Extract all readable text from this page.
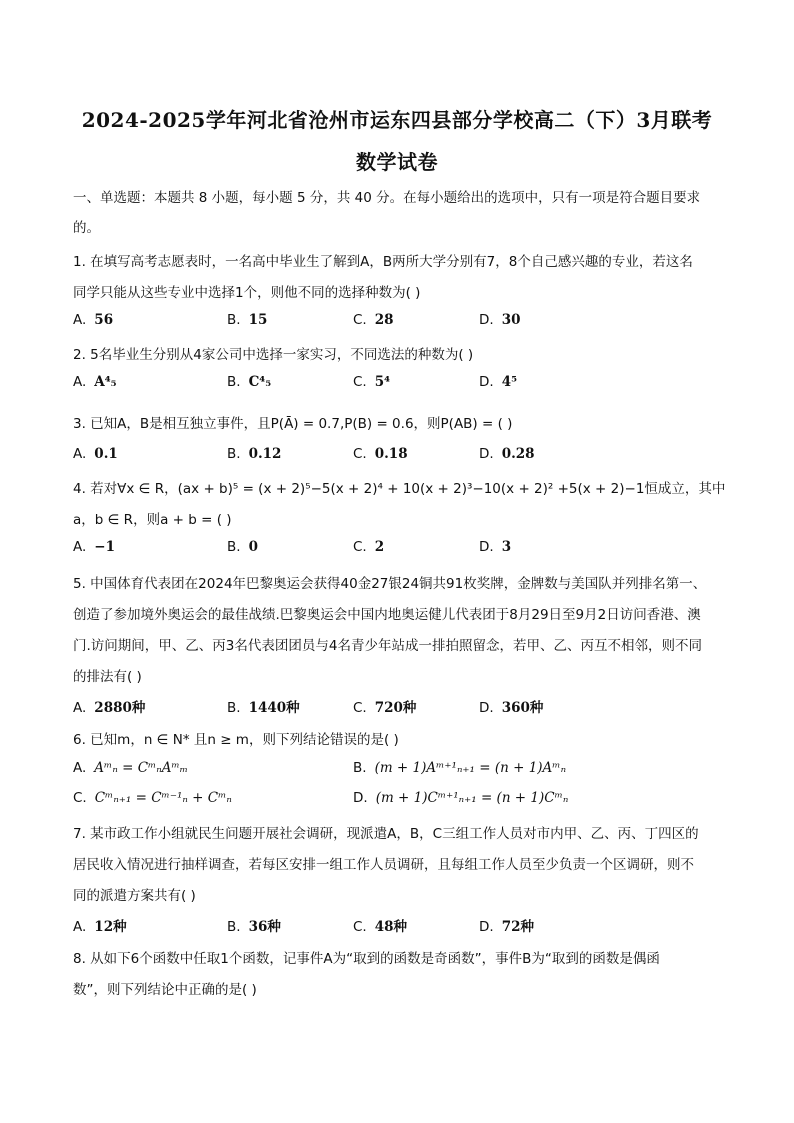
2024-2025学年河北省沧州市运东四县部分学校高二（下）3月联考
数学试卷
一、单选题：本题共 8 小题，每小题 5 分，共 40 分。在每小题给出的选项中，只有一项是符合题目要求
的。
1. 在填写高考志愿表时，一名高中毕业生了解到A，B两所大学分别有7，8个自己感兴趣的专业，若这名
同学只能从这些专业中选择1个，则他不同的选择种数为( )
A. 56	B. 15	C. 28	D. 30
2. 5名毕业生分别从4家公司中选择一家实习，不同选法的种数为( )
A. A⁴₅	B. C⁴₅	C. 5⁴	D. 4⁵
3. 已知A，B是相互独立事件，且P(Ā) = 0.7,P(B) = 0.6，则P(AB) = ( )
A. 0.1	B. 0.12	C. 0.18	D. 0.28
4. 若对∀x ∈ R，(ax + b)⁵ = (x + 2)⁵−5(x + 2)⁴ + 10(x + 2)³−10(x + 2)² +5(x + 2)−1恒成立，其中
a，b ∈ R，则a + b = ( )
A. −1	B. 0	C. 2	D. 3
5. 中国体育代表团在2024年巴黎奥运会获得40金27银24铜共91枚奖牌，金牌数与美国队并列排名第一、
创造了参加境外奥运会的最佳战绩.巴黎奥运会中国内地奥运健儿代表团于8月29日至9月2日访问香港、澳
门.访问期间，甲、乙、丙3名代表团团员与4名青少年站成一排拍照留念，若甲、乙、丙互不相邻，则不同
的排法有( )
A. 2880种	B. 1440种	C. 720种	D. 360种
6. 已知m，n ∈ N* 且n ≥ m，则下列结论错误的是( )
A. Aᵐₙ = CᵐₙAᵐₘ	B. (m + 1)Aᵐ⁺¹ₙ₊₁ = (n + 1)Aᵐₙ
C. Cᵐₙ₊₁ = Cᵐ⁻¹ₙ + Cᵐₙ	D. (m + 1)Cᵐ⁺¹ₙ₊₁ = (n + 1)Cᵐₙ
7. 某市政工作小组就民生问题开展社会调研，现派遣A，B，C三组工作人员对市内甲、乙、丙、丁四区的
居民收入情况进行抽样调查，若每区安排一组工作人员调研，且每组工作人员至少负责一个区调研，则不
同的派遣方案共有( )
A. 12种	B. 36种	C. 48种	D. 72种
8. 从如下6个函数中任取1个函数，记事件A为“取到的函数是奇函数”，事件B为“取到的函数是偶函
数”，则下列结论中正确的是( )
